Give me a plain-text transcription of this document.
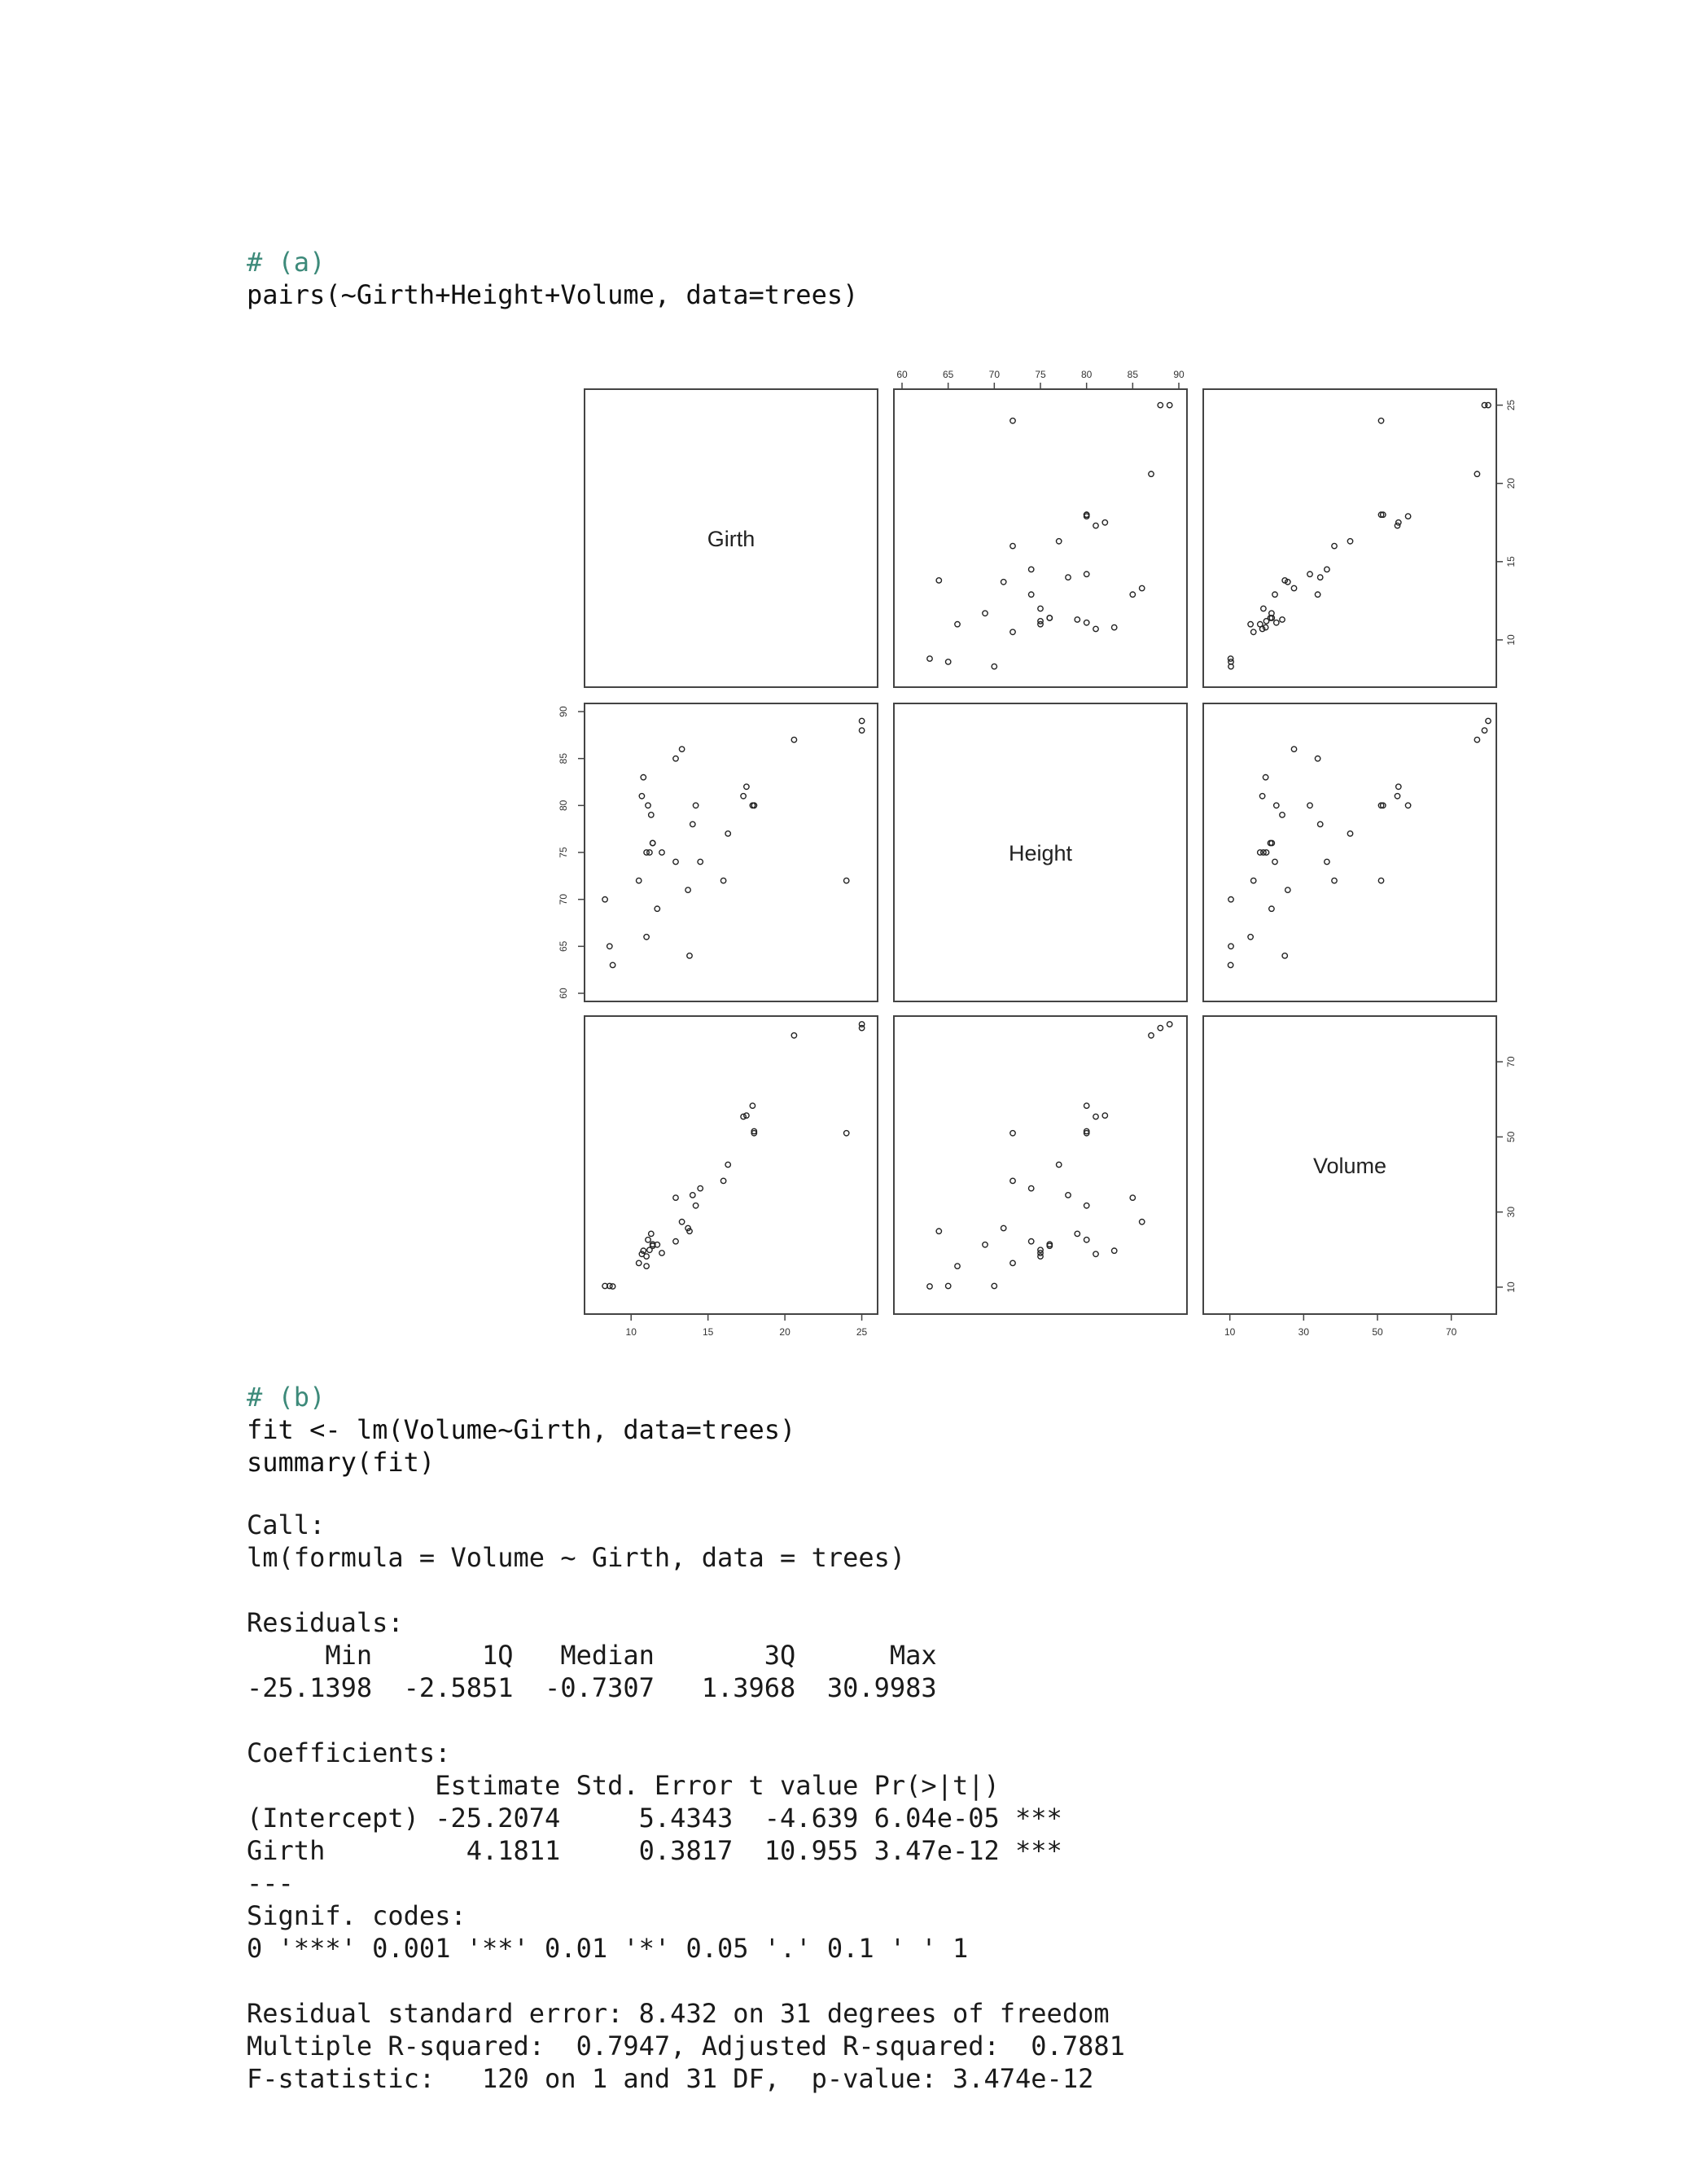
# (a)
pairs(~Girth+Height+Volume, data=trees)
Girth
Height
Volume
10	15	20	25
60	65	70	75	80	85	90
10	30	50	70
10
15
20
25
60
65
70
75
80
85
90
10
30
50
70
# (b)
fit <- lm(Volume~Girth, data=trees)
summary(fit)
Call:
lm(formula = Volume ~ Girth, data = trees)

Residuals:
Min       1Q   Median       3Q      Max
-25.1398  -2.5851  -0.7307   1.3968  30.9983

Coefficients:
Estimate Std. Error t value Pr(>|t|)
(Intercept) -25.2074     5.4343  -4.639 6.04e-05 ***
Girth         4.1811     0.3817  10.955 3.47e-12 ***
---
Signif. codes:
0 '***' 0.001 '**' 0.01 '*' 0.05 '.' 0.1 ' ' 1

Residual standard error: 8.432 on 31 degrees of freedom
Multiple R-squared:  0.7947, Adjusted R-squared:  0.7881
F-statistic:   120 on 1 and 31 DF,  p-value: 3.474e-12
